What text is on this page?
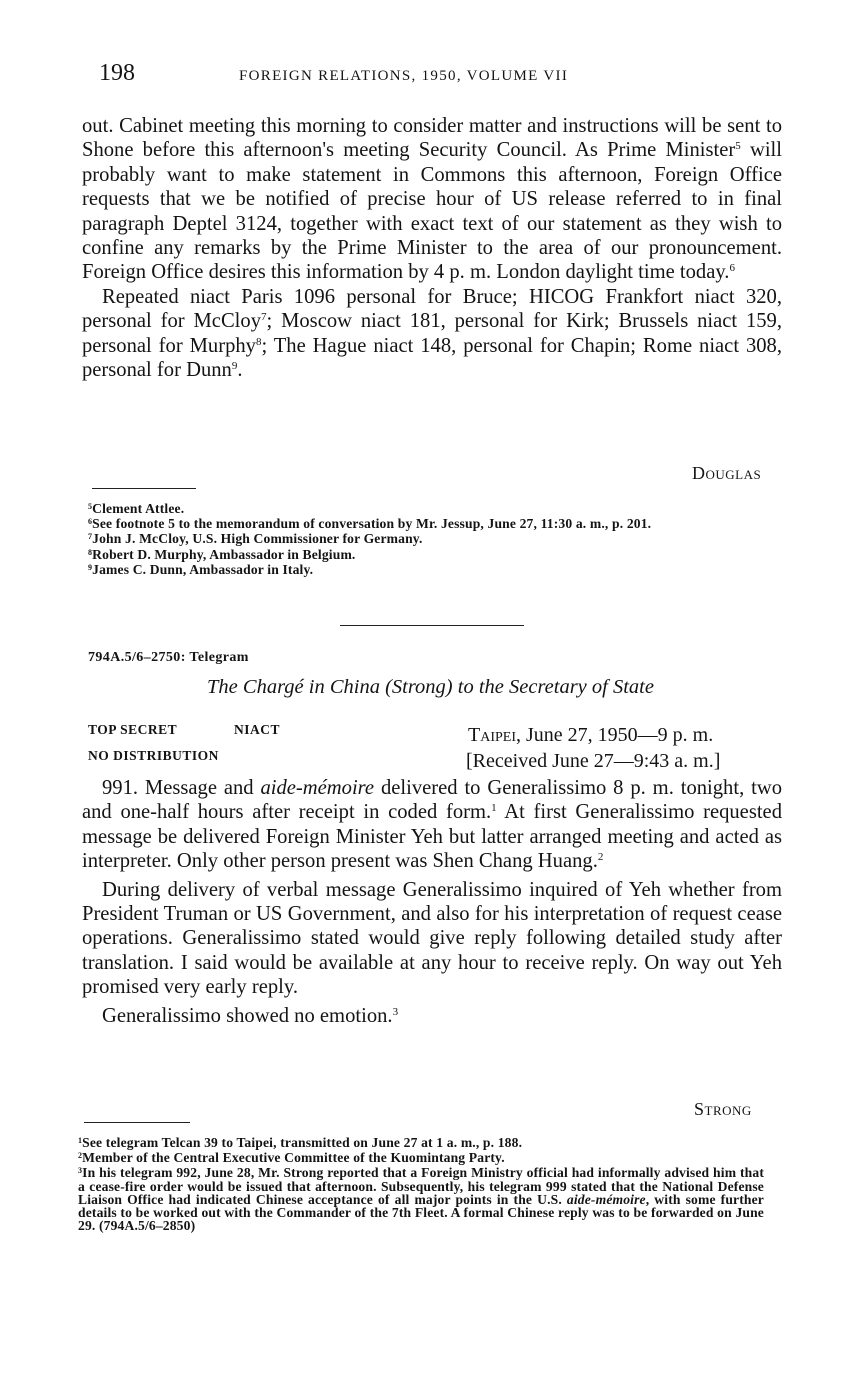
198	FOREIGN RELATIONS, 1950, VOLUME VII

out. Cabinet meeting this morning to consider matter and instructions will be sent to Shone before this afternoon's meeting Security Council. As Prime Minister$^5$ will probably want to make statement in Commons this afternoon, Foreign Office requests that we be notified of precise hour of US release referred to in final paragraph Deptel 3124, together with exact text of our statement as they wish to confine any remarks by the Prime Minister to the area of our pronouncement. Foreign Office desires this information by 4 p. m. London daylight time today.$^6$

Repeated niact Paris 1096 personal for Bruce; HICOG Frankfort niact 320, personal for McCloy$^7$; Moscow niact 181, personal for Kirk; Brussels niact 159, personal for Murphy$^8$; The Hague niact 148, personal for Chapin; Rome niact 308, personal for Dunn$^9$.

Douglas

$^5$Clement Attlee.

$^6$See footnote 5 to the memorandum of conversation by Mr. Jessup, June 27, 11:30 a. m., p. 201.

$^7$John J. McCloy, U.S. High Commissioner for Germany.

$^8$Robert D. Murphy, Ambassador in Belgium.

$^9$James C. Dunn, Ambassador in Italy.

794A.5/6–2750: Telegram
The Chargé in China (Strong) to the Secretary of State
TOP SECRET	NIACT
NO DISTRIBUTION
Taipei, June 27, 1950—9 p. m.
[Received June 27—9:43 a. m.]

991. Message and aide-mémoire delivered to Generalissimo 8 p. m. tonight, two and one-half hours after receipt in coded form.$^1$ At first Generalissimo requested message be delivered Foreign Minister Yeh but latter arranged meeting and acted as interpreter. Only other person present was Shen Chang Huang.$^2$

During delivery of verbal message Generalissimo inquired of Yeh whether from President Truman or US Government, and also for his interpretation of request cease operations. Generalissimo stated would give reply following detailed study after translation. I said would be available at any hour to receive reply. On way out Yeh promised very early reply.

Generalissimo showed no emotion.$^3$

Strong

$^1$See telegram Telcan 39 to Taipei, transmitted on June 27 at 1 a. m., p. 188.

$^2$Member of the Central Executive Committee of the Kuomintang Party.

$^3$In his telegram 992, June 28, Mr. Strong reported that a Foreign Ministry official had informally advised him that a cease-fire order would be issued that afternoon. Subsequently, his telegram 999 stated that the National Defense Liaison Office had indicated Chinese acceptance of all major points in the U.S. aide-mémoire, with some further details to be worked out with the Commander of the 7th Fleet. A formal Chinese reply was to be forwarded on June 29. (794A.5/6–2850)
